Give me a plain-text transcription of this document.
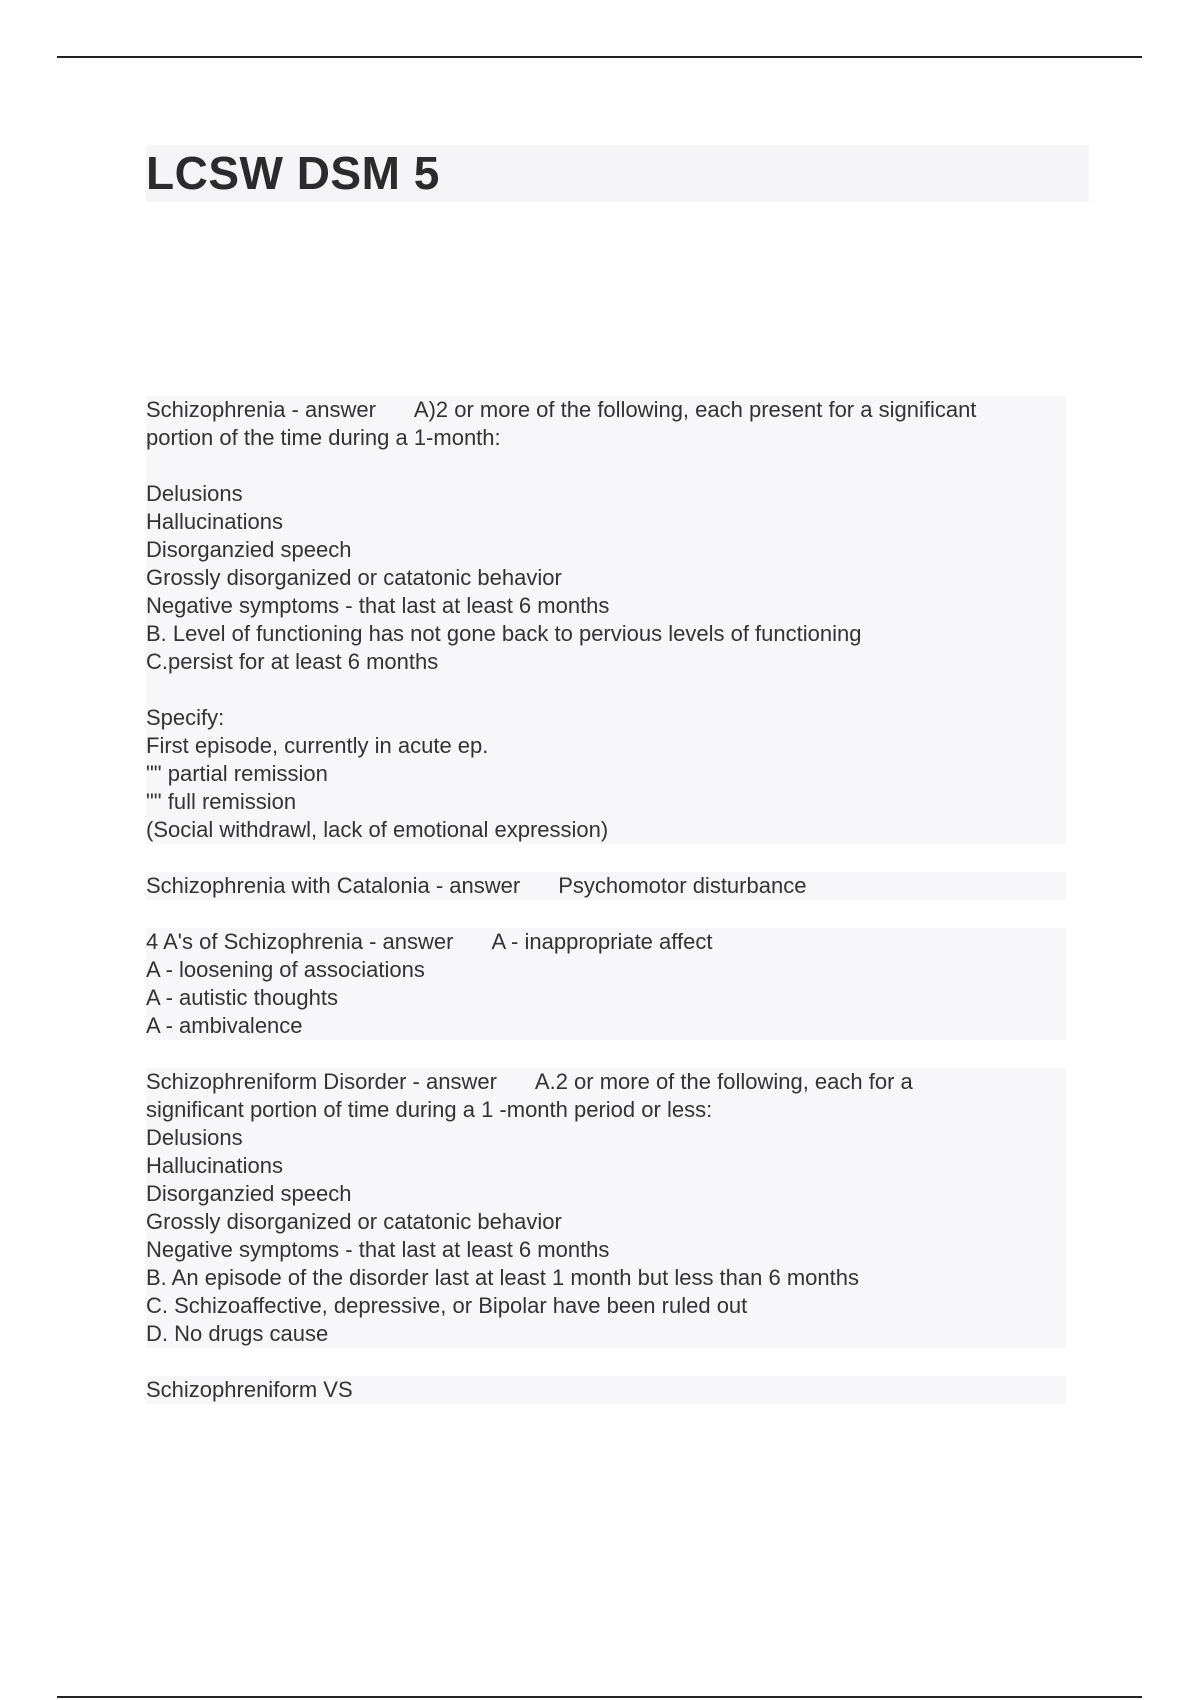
LCSW DSM 5
Schizophrenia - answer A)2 or more of the following, each present for a significant
portion of the time during a 1-month:
Delusions
Hallucinations
Disorganzied speech
Grossly disorganized or catatonic behavior
Negative symptoms - that last at least 6 months
B. Level of functioning has not gone back to pervious levels of functioning
C.persist for at least 6 months
Specify:
First episode, currently in acute ep.
"" partial remission
"" full remission
(Social withdrawl, lack of emotional expression)
Schizophrenia with Catalonia - answer Psychomotor disturbance
4 A's of Schizophrenia - answer A - inappropriate affect
A - loosening of associations
A - autistic thoughts
A - ambivalence
Schizophreniform Disorder - answer A.2 or more of the following, each for a
significant portion of time during a 1 -month period or less:
Delusions
Hallucinations
Disorganzied speech
Grossly disorganized or catatonic behavior
Negative symptoms - that last at least 6 months
B. An episode of the disorder last at least 1 month but less than 6 months
C. Schizoaffective, depressive, or Bipolar have been ruled out
D. No drugs cause
Schizophreniform VS
